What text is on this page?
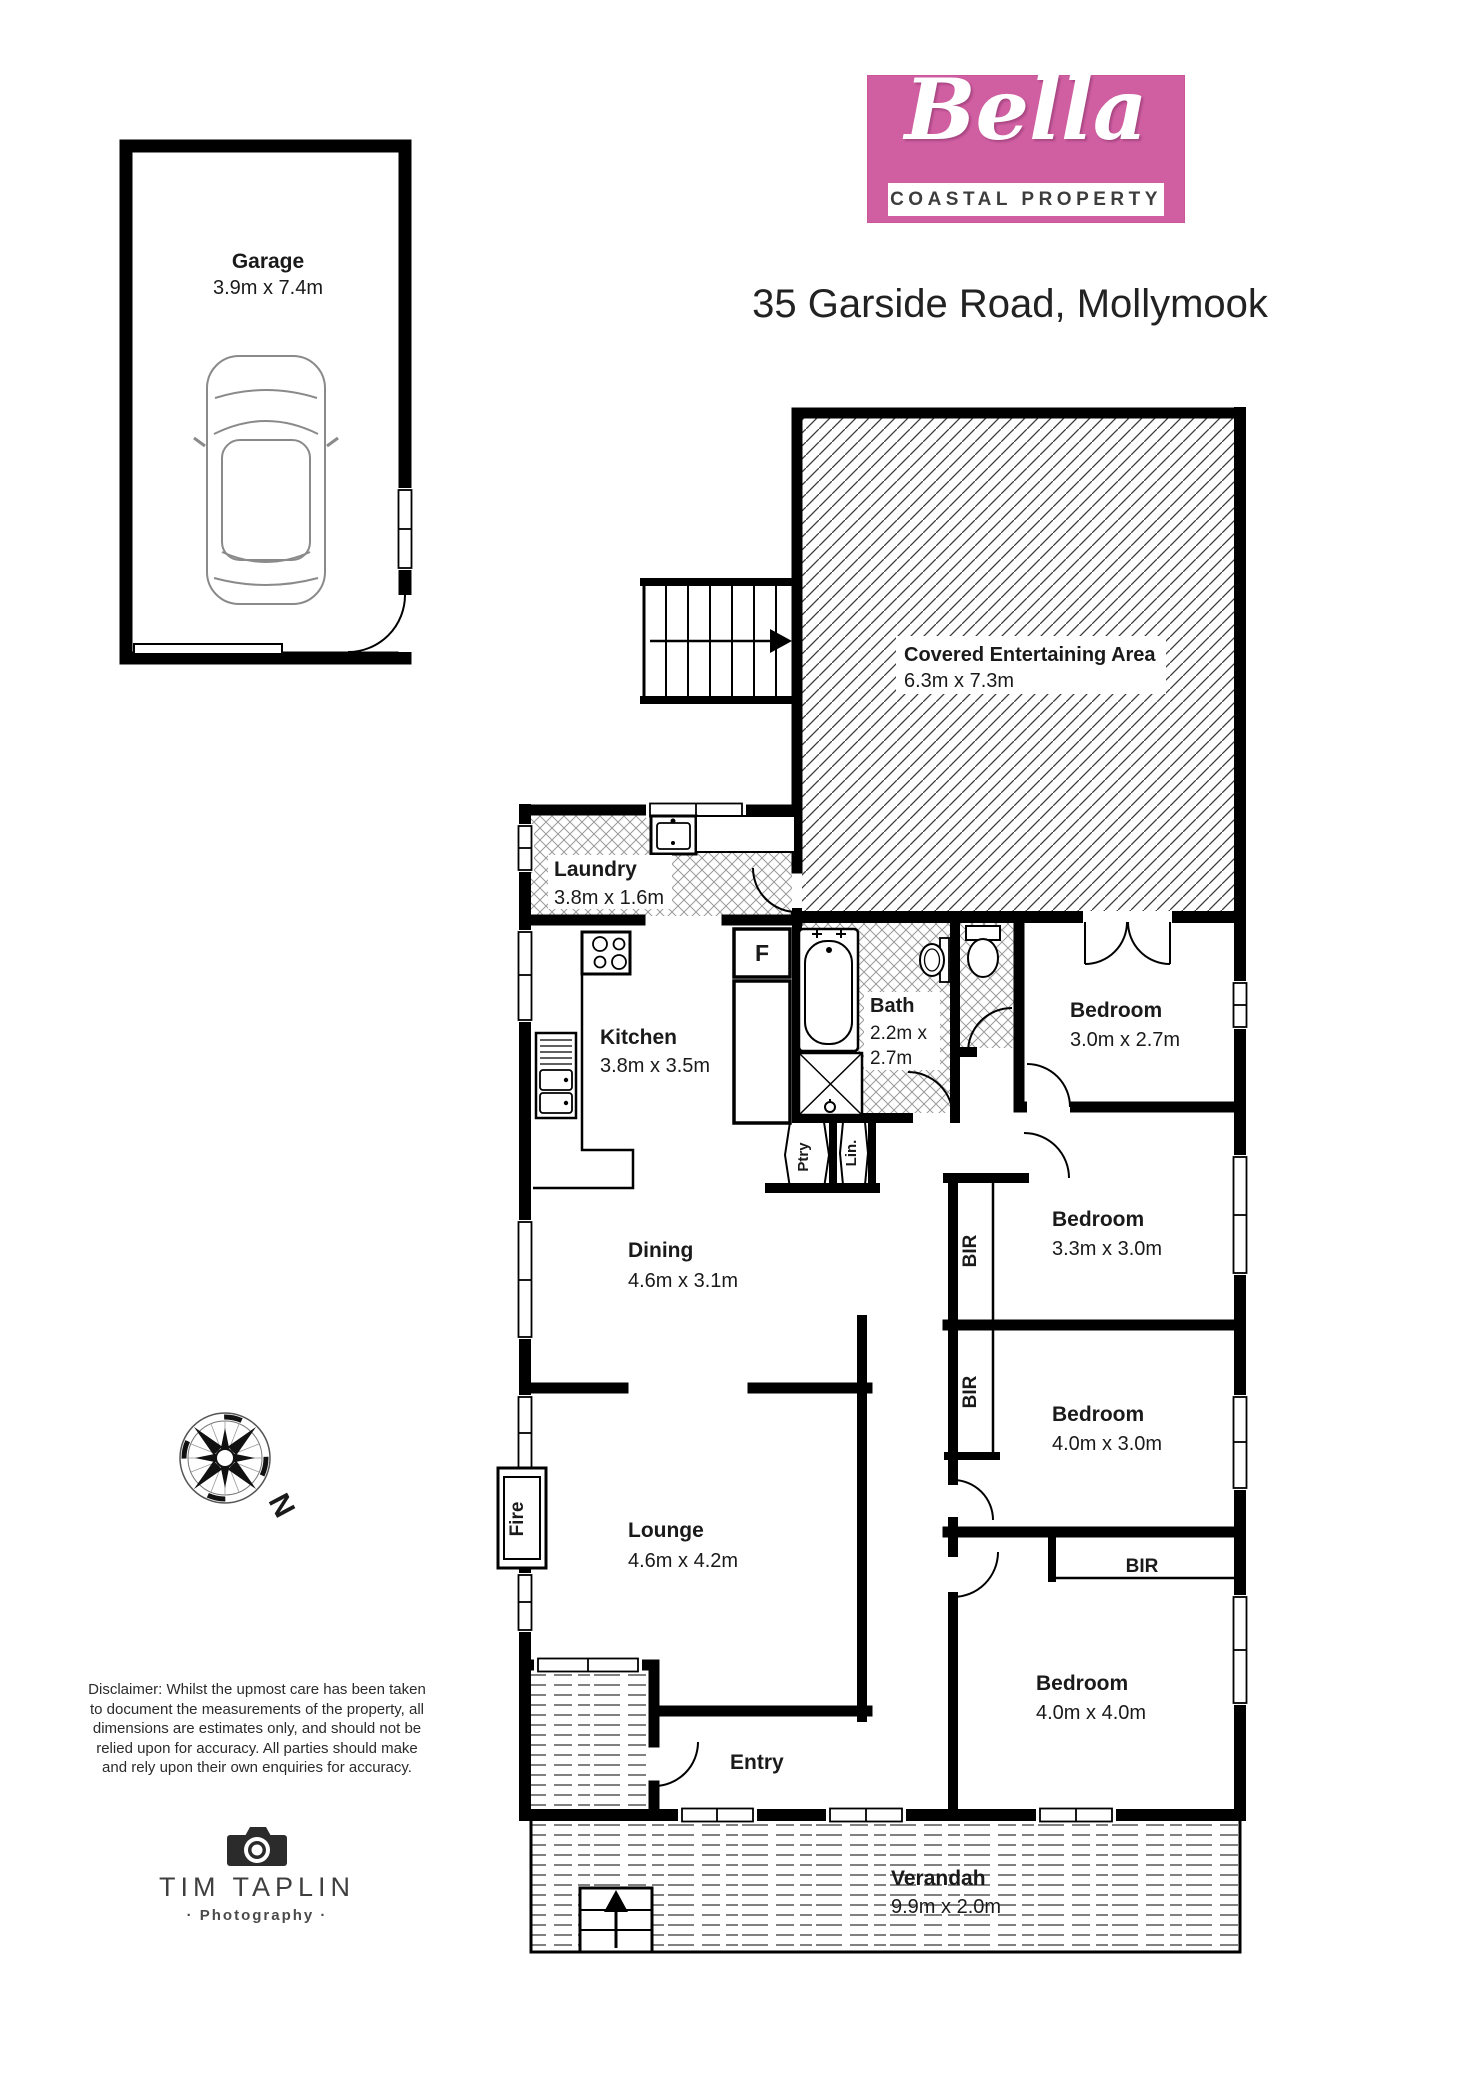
Bella
COASTAL PROPERTY
35 Garside Road, Mollymook
N
Garage
3.9m x 7.4m
Covered Entertaining Area
6.3m x 7.3m
Laundry
3.8m x 1.6m
Kitchen
3.8m x 3.5m
Bath
2.2m x
2.7m
Bedroom
3.0m x 2.7m
Bedroom
3.3m x 3.0m
Bedroom
4.0m x 3.0m
Bedroom
4.0m x 4.0m
Dining
4.6m x 3.1m
Lounge
4.6m x 4.2m
Entry
Verandah
9.9m x 2.0m
F
Fire
Ptry Lin.
BIR
BIR
BIR
Disclaimer: Whilst the upmost care has been taken
to document the measurements of the property, all
dimensions are estimates only, and should not be
relied upon for accuracy. All parties should make
and rely upon their own enquiries for accuracy.
TIM TAPLIN
· Photography ·
